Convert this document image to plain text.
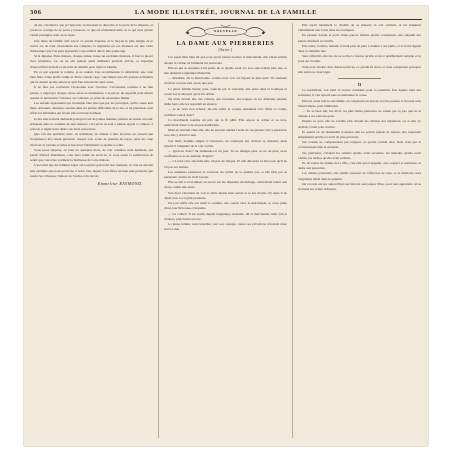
306	LA MODE ILLUSTRÉE, JOURNAL DE LA FAMILLE

de me convaincre que je l'ignorais. Je mesurais le désordre et la perte de la dépense, et j'avais le courage de ne point y renoncer, ce que est réellement utile, et ce qui n'est qu'une vanité passagère dont on se lasse.

Une mère de famille doit savoir ce qu'elle dépense, et le moyen le plus simple de le savoir est de tenir exactement ses comptes; la régularité en ces matières est une vertu domestique que l'on peut apprendre à ses enfants dès le plus jeune âge.

Si la dépense d'une maison, chaque année, laisse un excédent modeste, il faut le placer avec prudence, car on ne sait jamais quels malheurs peuvent arriver, et l'épargne d'aujourd'hui devient la sécurité de demain pour toute la famille.

En ce qui regarde la toilette, je ne saurais trop recommander la simplicité; une robe bien faite, d'une étoffe solide et d'une couleur sage, vaut mieux que dix parures éclatantes qui ne durent qu'une saison et qu'il faut renouveler sans cesse.

Il ne faut pas confondre l'économie avec l'avarice. L'économie consiste à ne rien perdre, à employer chaque chose selon sa destination, à se priver du superflu pour mieux assurer le nécessaire; l'avarice, au contraire, se prive du nécessaire même.

Les enfants apprennent par l'exemple bien plus que par les préceptes; qu'ils voient leur mère ordonnée, attentive, sereine dans les petites difficultés de la vie, et ils prendront sans effort les habitudes qui feront plus tard leur bonheur.

Je me suis souvent demandé pourquoi tant de jeunes femmes, pleines de bonne volonté, échouent dans la conduite de leur maison; c'est qu'on ne leur a jamais appris à compter, à prévoir, à régler leurs désirs sur leurs ressources.

Que l'on me permette donc, en terminant, de donner à mes lectrices un conseil que l'expérience m'a rendu précieux: chaque soir, avant de prendre du repos, jetez un coup d'œil sur la journée écoulée et inscrivez fidèlement ce qu'elle a coûté.

Vous serez surprise, au bout de quelques mois, de voir combien cette habitude, qui paraît d'abord fastidieuse, vous aura rendu de services; et vous aurez la satisfaction de sentir que vous êtes vraiment la maîtresse de votre maison.

C'est ainsi que les femmes sages ont toujours gouverné leur intérieur, et c'est en suivant leur exemple que nous pourrons, à notre tour, léguer à nos filles un bien plus précieux que toutes les richesses: l'amour de l'ordre et du devoir.

Emmeline RAYMOND.
NOUVELLE
LA DAME AUX PIERRERIES
(Suite.)

Les pieds filés bien tôt que pour qu'on puisse toucher la marchande, elle s'était arrêtée devant la vitrine où brillaient les pierreries.

Elle ne put se résoudre à lui parler de ce qu'elle avait vu; son cœur battait plus vite, et elle demeura longtemps immobile.

— Madame, dit la marchande, voulez-vous voir ces bijoux de plus près? Ils viennent d'arriver et nous n'en avons que peu.

La jeune femme hésita; puis, vaincue par la curiosité, elle entra dans la boutique et s'assit sur le tabouret qu'on lui offrait.

On étala devant elle des colliers, des bracelets, des bagues où les diamants jetaient mille feux; elle les regardait en silence.

— Je ne veux rien acheter, dit-elle enfin; je voulais seulement voir. Mais ce collier, combien vaut-il donc?

La marchande nomma un prix qui la fit pâlir. Elle reposa le collier et se leva, remerciant d'une voix un peu tremblante.

Mais en rentrant chez elle, elle ne pouvait oublier l'éclat de ces pierres; elle y pensait le soir, elle y rêvait la nuit.

Son mari, homme simple et laborieux, ne remarqua pas d'abord sa tristesse; mais bientôt il s'inquiéta de la voir si pâle.

— Qu'as-tu donc? lui demanda-t-il un jour. Tu ne manges plus, tu ne ris plus; es-tu souffrante ou as-tu quelque chagrin?

— Ce n'est rien, répondit-elle; un peu de fatigue. Et elle détourna la tête pour qu'il ne vît pas ses larmes.

Les semaines passèrent; le souvenir du collier ne la quittait pas, et elle finit par se persuader qu'elle en avait besoin.

Elle se mit à économiser en secret sur les dépenses du ménage, retranchant tantôt une chose, tantôt une autre.

Son mari s'étonnait de voir la table moins bien servie et le feu moins vif; mais il ne disait rien, la croyant prudente.

Un jour enfin elle eut réuni la somme; elle courut chez la marchande, le cœur plein d'une joie fiévreuse et inquiète.

— Le collier? Il est vendu depuis longtemps, madame, dit la marchande; mais j'en ai d'autres, plus beaux encore.

La jeune femme resta interdite; tout son courage, toutes ses privations n'avaient donc servi à rien.

Elle reprit lentement le chemin de sa maison; le soir tombait, et les lumières s'allumaient une à une dans les boutiques.

En passant devant la porte d'une pauvre femme qu'elle connaissait, elle entendit des pleurs d'enfants et s'arrêta.

Elle entra; la mère, malade, n'avait plus de pain à donner à ses petits, et le froid régnait dans la chambre nue.

Sans réfléchir, elle tira de sa poche la bourse qu'elle avait si péniblement remplie et la posa sur la table.

Vous avez deviné, mes chères lectrices, ce qu'elle fit alors; et vous comprenez pourquoi elle rentra le cœur léger.

II

Le lendemain, son mari la trouva souriante pour la première fois depuis bien des semaines; il s'en réjouit sans en demander la cause.

Elle lui conta tout le soir même, en rougissant un peu de sa folie passée; il l'écouta sans l'interrompre, puis l'embrassa.

— Tu as bien fait, lui dit-il; les plus belles pierreries ne valent pas la joie que tu as donnée à ces pauvres gens.

Depuis ce jour, elle ne s'arrêta plus devant les vitrines des bijoutiers; ou si elle s'y arrêtait, c'était pour sourire.

Et quand on lui demandait pourquoi elle ne portait jamais de bijoux, elle répondait simplement qu'elle en avait de plus précieux.

Ses voisins ne comprenaient pas toujours ce qu'elle voulait dire; mais ceux qui la connaissaient bien le savaient.

Ses pierreries, c'étaient les enfants qu'elle avait secourus, les malades qu'elle avait visités, les larmes qu'elle avait séchées.

Et, de toutes les dames de la ville, c'est elle qu'on appelait, avec respect et tendresse, la dame aux pierreries.

Les années passèrent; elle vieillit entourée de l'affection de tous, et sa mémoire resta longtemps bénie dans le quartier.

On raconte encore aujourd'hui son histoire aux jeunes filles, pour leur apprendre où se trouvent les vraies richesses.
